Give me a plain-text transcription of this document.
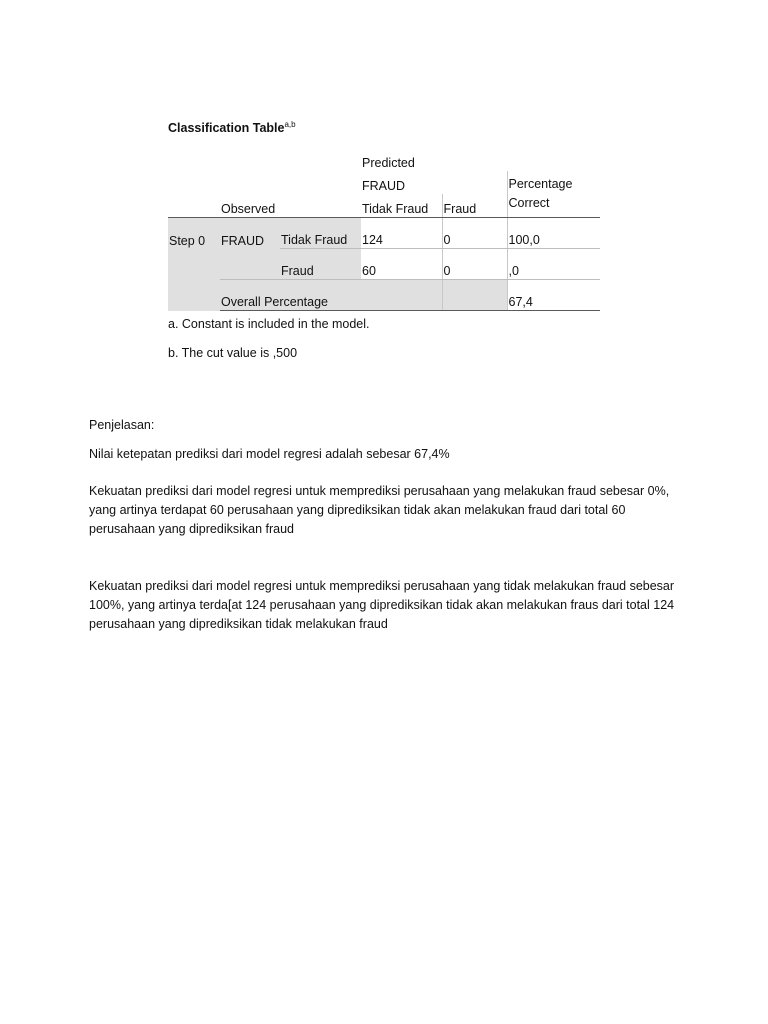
Classification Table$^{a,b}$
			Predicted		
			FRAUD		Percentage
Correct

	Observed		Tidak Fraud	Fraud	
Step 0	FRAUD	Tidak Fraud	124	0	100,0
		Fraud	60	0	,0
	Overall Percentage				67,4

a. Constant is included in the model.

b. The cut value is ,500

Penjelasan:

Nilai ketepatan prediksi dari model regresi adalah sebesar 67,4%

Kekuatan prediksi dari model regresi untuk memprediksi perusahaan yang melakukan fraud sebesar 0%, yang artinya terdapat 60 perusahaan yang diprediksikan tidak akan melakukan fraud dari total 60 perusahaan yang diprediksikan fraud

Kekuatan prediksi dari model regresi untuk memprediksi perusahaan yang tidak melakukan fraud sebesar 100%, yang artinya terda[at 124 perusahaan yang diprediksikan tidak akan melakukan fraus dari total 124 perusahaan yang diprediksikan tidak melakukan fraud
